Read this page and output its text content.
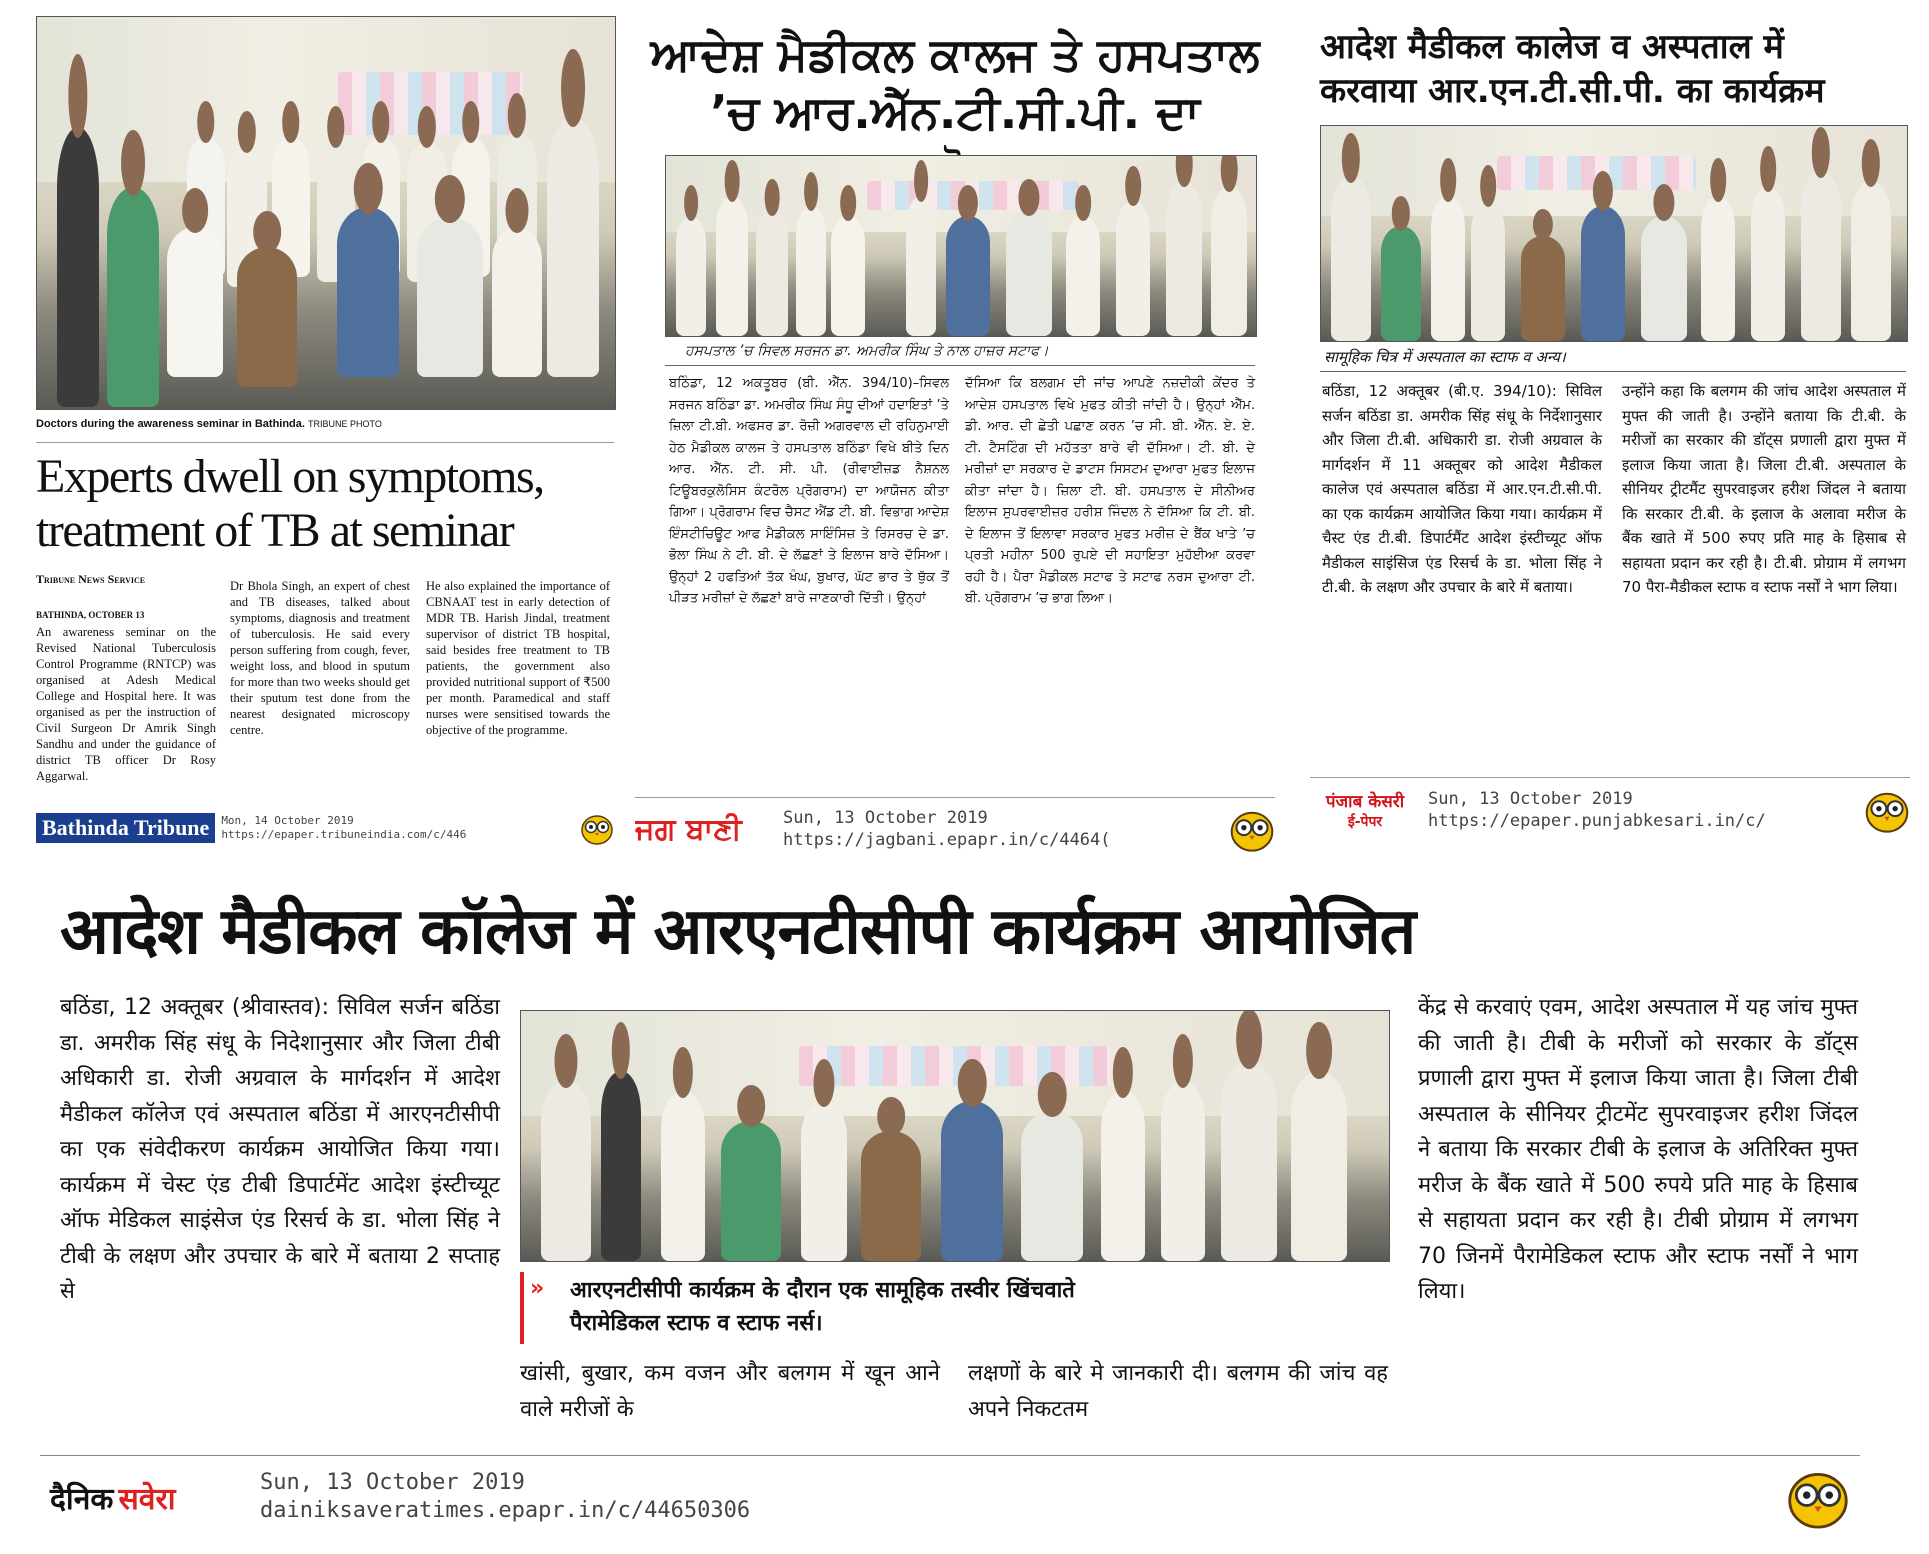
Doctors during the awareness seminar in Bathinda. TRIBUNE PHOTO

Experts dwell on symptoms, treatment of TB at seminar
Tribune News Service
BATHINDA, OCTOBER 13

An awareness seminar on the Revised National Tuberculosis Control Programme (RNTCP) was organised at Adesh Medical College and Hospital here. It was organised as per the instruction of Civil Surgeon Dr Amrik Singh Sandhu and under the guidance of district TB officer Dr Rosy Aggarwal.

Dr Bhola Singh, an expert of chest and TB diseases, talked about symptoms, diagnosis and treatment of tuberculosis. He said every person suffering from cough, fever, weight loss, and blood in sputum for more than two weeks should get their sputum test done from the nearest designated microscopy centre.

He also explained the importance of CBNAAT test in early detection of MDR TB. Harish Jindal, treatment supervisor of district TB hospital, said besides free treatment to TB patients, the government also provided nutritional support of ₹500 per month. Paramedical and staff nurses were sensitised towards the objective of the programme.

Bathinda Tribune	Mon, 14 October 2019
https://epaper.tribuneindia.com/c/446
ਆਦੇਸ਼ ਮੈਡੀਕਲ ਕਾਲਜ ਤੇ ਹਸਪਤਾਲ
’ਚ ਆਰ.ਐੱਨ.ਟੀ.ਸੀ.ਪੀ. ਦਾ

ਹਸਪਤਾਲ ’ਚ ਸਿਵਲ ਸਰਜਨ ਡਾ. ਅਮਰੀਕ ਸਿੰਘ ਤੇ ਨਾਲ ਹਾਜ਼ਰ ਸਟਾਫ।

ਬਠਿੰਡਾ, 12 ਅਕਤੂਬਰ (ਬੀ. ਐੱਨ. 394/10)–ਸਿਵਲ ਸਰਜਨ ਬਠਿੰਡਾ ਡਾ. ਅਮਰੀਕ ਸਿੰਘ ਸੰਧੂ ਦੀਆਂ ਹਦਾਇਤਾਂ ’ਤੇ ਜ਼ਿਲਾ ਟੀ.ਬੀ. ਅਫਸਰ ਡਾ. ਰੋਜ਼ੀ ਅਗਰਵਾਲ ਦੀ ਰਹਿਨੁਮਾਈ ਹੇਠ ਮੈਡੀਕਲ ਕਾਲਜ ਤੇ ਹਸਪਤਾਲ ਬਠਿੰਡਾ ਵਿਖੇ ਬੀਤੇ ਦਿਨ ਆਰ. ਐੱਨ. ਟੀ. ਸੀ. ਪੀ. (ਰੀਵਾਈਜ਼ਡ ਨੈਸ਼ਨਲ ਟਿਊਬਰਕੁਲੋਸਿਸ ਕੰਟਰੋਲ ਪ੍ਰੋਗਰਾਮ) ਦਾ ਆਯੋਜਨ ਕੀਤਾ ਗਿਆ। ਪ੍ਰੋਗਰਾਮ ਵਿਚ ਚੈਸਟ ਐਂਡ ਟੀ. ਬੀ. ਵਿਭਾਗ ਆਦੇਸ਼ ਇੰਸਟੀਚਿਊਟ ਆਫ ਮੈਡੀਕਲ ਸਾਇੰਸਿਜ਼ ਤੇ ਰਿਸਰਚ ਦੇ ਡਾ. ਭੋਲਾ ਸਿੰਘ ਨੇ ਟੀ. ਬੀ. ਦੇ ਲੱਛਣਾਂ ਤੇ ਇਲਾਜ ਬਾਰੇ ਦੱਸਿਆ। ਉਨ੍ਹਾਂ 2 ਹਫਤਿਆਂ ਤੱਕ ਖੰਘ, ਬੁਖਾਰ, ਘੱਟ ਭਾਰ ਤੇ ਥੁੱਕ ਤੋਂ ਪੀੜਤ ਮਰੀਜ਼ਾਂ ਦੇ ਲੱਛਣਾਂ ਬਾਰੇ ਜਾਣਕਾਰੀ ਦਿੱਤੀ। ਉਨ੍ਹਾਂ

ਦੱਸਿਆ ਕਿ ਬਲਗਮ ਦੀ ਜਾਂਚ ਆਪਣੇ ਨਜ਼ਦੀਕੀ ਕੇਂਦਰ ਤੇ ਆਦੇਸ਼ ਹਸਪਤਾਲ ਵਿਖੇ ਮੁਫਤ ਕੀਤੀ ਜਾਂਦੀ ਹੈ। ਉਨ੍ਹਾਂ ਐੱਮ. ਡੀ. ਆਰ. ਦੀ ਛੇਤੀ ਪਛਾਣ ਕਰਨ ’ਚ ਸੀ. ਬੀ. ਐੱਨ. ਏ. ਏ. ਟੀ. ਟੈਸਟਿੰਗ ਦੀ ਮਹੱਤਤਾ ਬਾਰੇ ਵੀ ਦੱਸਿਆ। ਟੀ. ਬੀ. ਦੇ ਮਰੀਜ਼ਾਂ ਦਾ ਸਰਕਾਰ ਦੇ ਡਾਟਸ ਸਿਸਟਮ ਦੁਆਰਾ ਮੁਫਤ ਇਲਾਜ ਕੀਤਾ ਜਾਂਦਾ ਹੈ। ਜ਼ਿਲਾ ਟੀ. ਬੀ. ਹਸਪਤਾਲ ਦੇ ਸੀਨੀਅਰ ਇਲਾਜ ਸੁਪਰਵਾਈਜ਼ਰ ਹਰੀਸ਼ ਜਿੰਦਲ ਨੇ ਦੱਸਿਆ ਕਿ ਟੀ. ਬੀ. ਦੇ ਇਲਾਜ ਤੋਂ ਇਲਾਵਾ ਸਰਕਾਰ ਮੁਫਤ ਮਰੀਜ਼ ਦੇ ਬੈਂਕ ਖਾਤੇ ’ਚ ਪ੍ਰਤੀ ਮਹੀਨਾ 500 ਰੁਪਏ ਦੀ ਸਹਾਇਤਾ ਮੁਹੱਈਆ ਕਰਵਾ ਰਹੀ ਹੈ। ਪੈਰਾ ਮੈਡੀਕਲ ਸਟਾਫ ਤੇ ਸਟਾਫ ਨਰਸ ਦੁਆਰਾ ਟੀ. ਬੀ. ਪ੍ਰੋਗਰਾਮ ’ਚ ਭਾਗ ਲਿਆ।

ਜਗ ਬਾਣੀ	Sun, 13 October 2019
https://jagbani.epapr.in/c/4464(
आदेश मैडीकल कालेज व अस्पताल में
करवाया आर.एन.टी.सी.पी. का कार्यक्रम

सामूहिक चित्र में अस्पताल का स्टाफ व अन्य।

बठिंडा, 12 अक्तूबर (बी.ए. 394/10): सिविल सर्जन बठिंडा डा. अमरीक सिंह संधू के निर्देशानुसार और जिला टी.बी. अधिकारी डा. रोजी अग्रवाल के मार्गदर्शन में 11 अक्तूबर को आदेश मैडीकल कालेज एवं अस्पताल बठिंडा में आर.एन.टी.सी.पी. का एक कार्यक्रम आयोजित किया गया। कार्यक्रम में चैस्ट एंड टी.बी. डिपार्टमैंट आदेश इंस्टीच्यूट ऑफ मैडीकल साइंसिज एंड रिसर्च के डा. भोला सिंह ने टी.बी. के लक्षण और उपचार के बारे में बताया।

उन्होंने कहा कि बलगम की जांच आदेश अस्पताल में मुफ्त की जाती है। उन्होंने बताया कि टी.बी. के मरीजों का सरकार की डॉट्स प्रणाली द्वारा मुफ्त में इलाज किया जाता है। जिला टी.बी. अस्पताल के सीनियर ट्रीटमैंट सुपरवाइजर हरीश जिंदल ने बताया कि सरकार टी.बी. के इलाज के अलावा मरीज के बैंक खाते में 500 रुपए प्रति माह के हिसाब से सहायता प्रदान कर रही है। टी.बी. प्रोग्राम में लगभग 70 पैरा-मैडीकल स्टाफ व स्टाफ नर्सों ने भाग लिया।

पंजाब केसरी
ई-पेपर
Sun, 13 October 2019
https://epaper.punjabkesari.in/c/
आदेश मैडीकल कॉलेज में आरएनटीसीपी कार्यक्रम आयोजित

बठिंडा, 12 अक्तूबर (श्रीवास्तव): सिविल सर्जन बठिंडा डा. अमरीक सिंह संधू के निदेशानुसार और जिला टीबी अधिकारी डा. रोजी अग्रवाल के मार्गदर्शन में आदेश मैडीकल कॉलेज एवं अस्पताल बठिंडा में आरएनटीसीपी का एक संवेदीकरण कार्यक्रम आयोजित किया गया। कार्यक्रम में चेस्ट एंड टीबी डिपार्टमेंट आदेश इंस्टीच्यूट ऑफ मेडिकल साइंसेज एंड रिसर्च के डा. भोला सिंह ने टीबी के लक्षण और उपचार के बारे में बताया 2 सप्ताह से	» आरएनटीसीपी कार्यक्रम के दौरान एक सामूहिक तस्वीर खिंचवाते
पैरामेडिकल स्टाफ व स्टाफ नर्स।

खांसी, बुखार, कम वजन और बलगम में खून आने वाले मरीजों के

लक्षणों के बारे मे जानकारी दी। बलगम की जांच वह अपने निकटतम

केंद्र से करवाएं एवम, आदेश अस्पताल में यह जांच मुफ्त की जाती है। टीबी के मरीजों को सरकार के डॉट्स प्रणाली द्वारा मुफ्त में इलाज किया जाता है। जिला टीबी अस्पताल के सीनियर ट्रीटमेंट सुपरवाइजर हरीश जिंदल ने बताया कि सरकार टीबी के इलाज के अतिरिक्त मुफ्त मरीज के बैंक खाते में 500 रुपये प्रति माह के हिसाब से सहायता प्रदान कर रही है। टीबी प्रोग्राम में लगभग 70 जिनमें पैरामेडिकल स्टाफ और स्टाफ नर्सों ने भाग लिया।

दैनिक सवेरा	Sun, 13 October 2019
dainiksaveratimes.epapr.in/c/44650306
